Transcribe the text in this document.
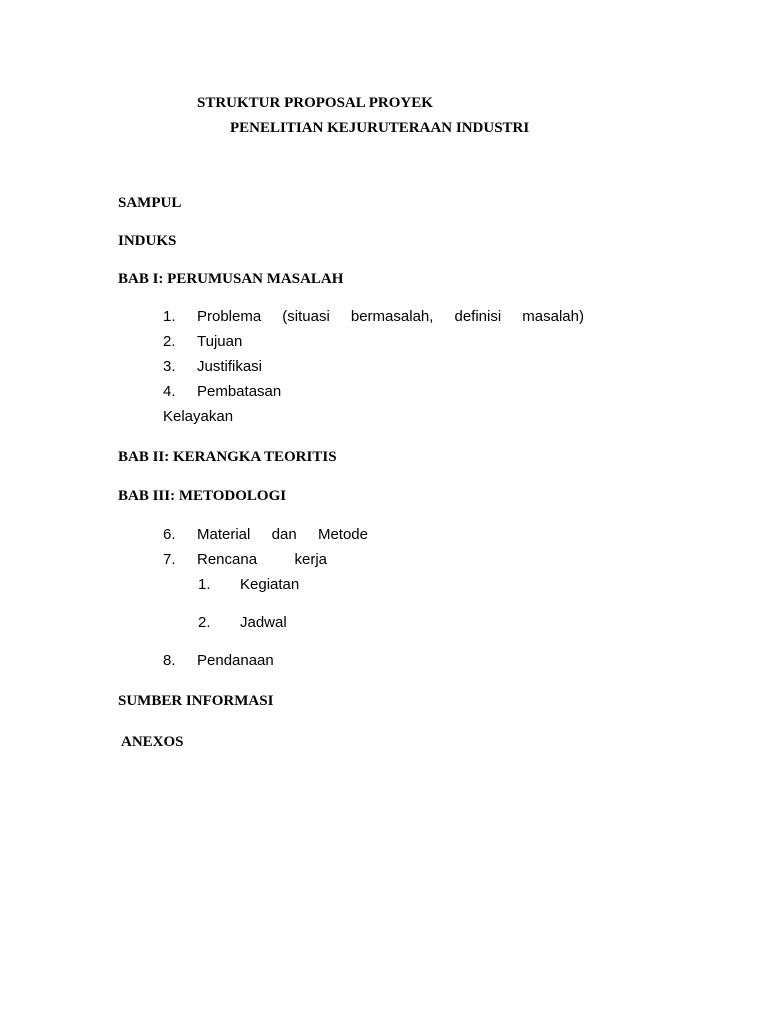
STRUKTUR PROPOSAL PROYEK
PENELITIAN KEJURUTERAAN INDUSTRI
SAMPUL
INDUKS
BAB I: PERUMUSAN MASALAH
1. Problema (situasi bermasalah, definisi masalah)
2. Tujuan
3. Justifikasi
4. Pembatasan
Kelayakan
BAB II: KERANGKA TEORITIS
BAB III: METODOLOGI
6. Material dan Metode
7. Rencana kerja
1. Kegiatan
2. Jadwal
8. Pendanaan
SUMBER INFORMASI
ANEXOS
